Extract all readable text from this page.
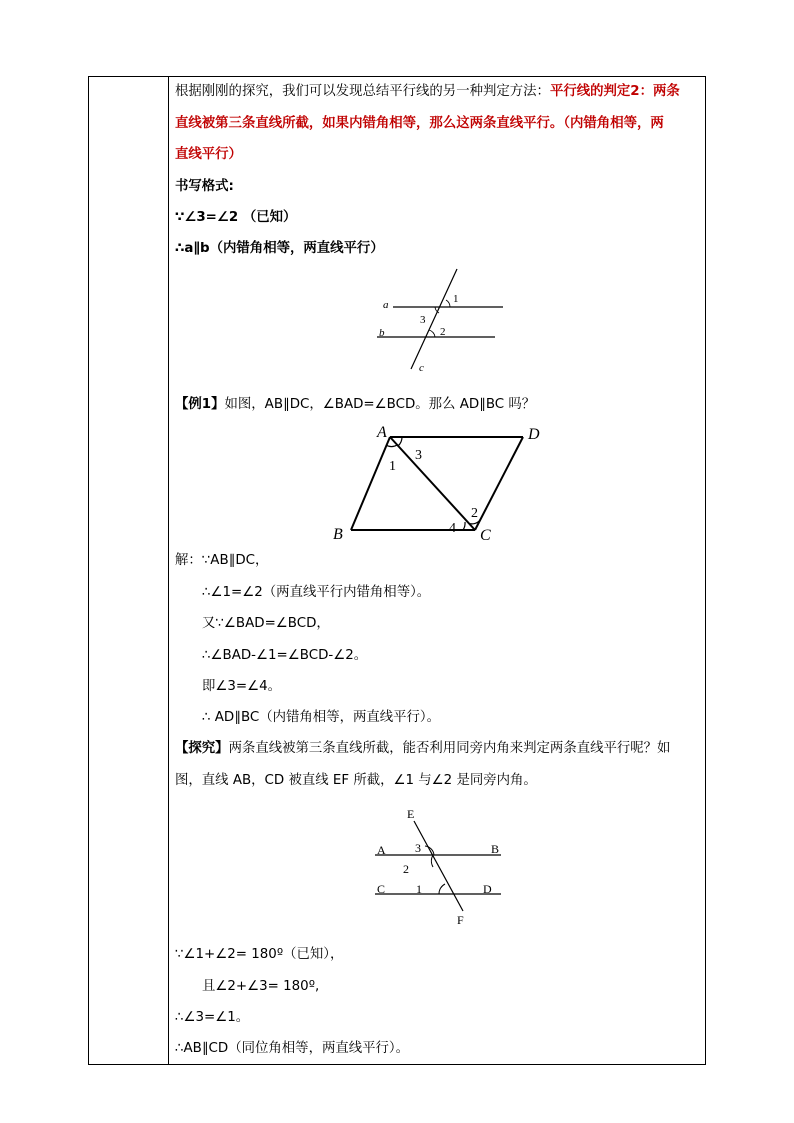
根据刚刚的探究，我们可以发现总结平行线的另一种判定方法：平行线的判定2：两条
直线被第三条直线所截，如果内错角相等，那么这两条直线平行。（内错角相等，两
直线平行）
书写格式:
∵∠3=∠2 （已知）
∴a∥b（内错角相等，两直线平行）
a
b
c
1
2
3
【例1】如图，AB∥DC，∠BAD=∠BCD。那么 AD∥BC 吗？
A	D
B	C
1
3
2
4
解：∵AB∥DC，
∴∠1=∠2（两直线平行内错角相等）。
又∵∠BAD=∠BCD，
∴∠BAD-∠1=∠BCD-∠2。
即∠3=∠4。
∴ AD∥BC（内错角相等，两直线平行）。
【探究】两条直线被第三条直线所截，能否利用同旁内角来判定两条直线平行呢？如
图，直线 AB，CD 被直线 EF 所截，∠1 与∠2 是同旁内角。
E
A	B
C	D
F
3
2
1
∵∠1+∠2= 180º（已知），
且∠2+∠3= 180º,
∴∠3=∠1。
∴AB∥CD（同位角相等，两直线平行）。
